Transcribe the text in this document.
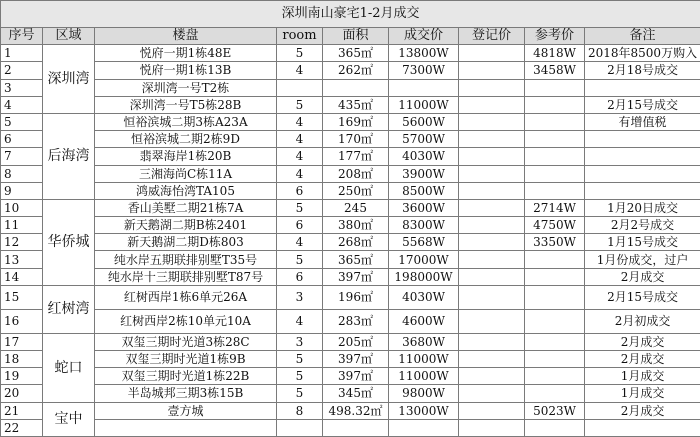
深圳南山豪宅1-2月成交								
序号	区域	楼盘	room	面积	成交价	登记价	参考价	备注
1	深圳湾	悦府一期1栋48E	5	365㎡	13800W		4818W	2018年8500万购入
2		悦府一期1栋13B	4	262㎡	7300W		3458W	2月18号成交
3		深圳湾一号T2栋						
4		深圳湾一号T5栋28B	5	435㎡	11000W			2月15号成交
5	后海湾	恒裕滨城二期3栋A23A	4	169㎡	5600W			有增值税
6		恒裕滨城二期2栋9D	4	170㎡	5700W			
7		翡翠海岸1栋20B	4	177㎡	4030W			
8		三湘海尚C栋11A	4	208㎡	3900W			
9		鸿威海怡湾TA105	6	250㎡	8500W			
10	华侨城	香山美墅二期21栋7A	5	245	3600W		2714W	1月20日成交
11		新天鹅湖二期B栋2401	6	380㎡	8300W		4750W	2月2号成交
12		新天鹅湖二期D栋803	4	268㎡	5568W		3350W	1月15号成交
13		纯水岸五期联排别墅T35号	5	365㎡	17000W			1月份成交，过户
14		纯水岸十三期联排别墅T87号	6	397㎡	198000W			2月成交
15	红树湾	红树西岸1栋6单元26A	3	196㎡	4030W			2月15号成交
16		红树西岸2栋10单元10A	4	283㎡	4600W			2月初成交
17	蛇口	双玺三期时光道3栋28C	3	205㎡	3680W			2月成交
18		双玺三期时光道1栋9B	5	397㎡	11000W			2月成交
19		双玺三期时光道1栋22B	5	397㎡	11000W			1月成交
20		半岛城邦三期3栋15B	5	345㎡	9800W			1月成交
21	宝中	壹方城	8	498.32㎡	13000W		5023W	2月成交
22								
